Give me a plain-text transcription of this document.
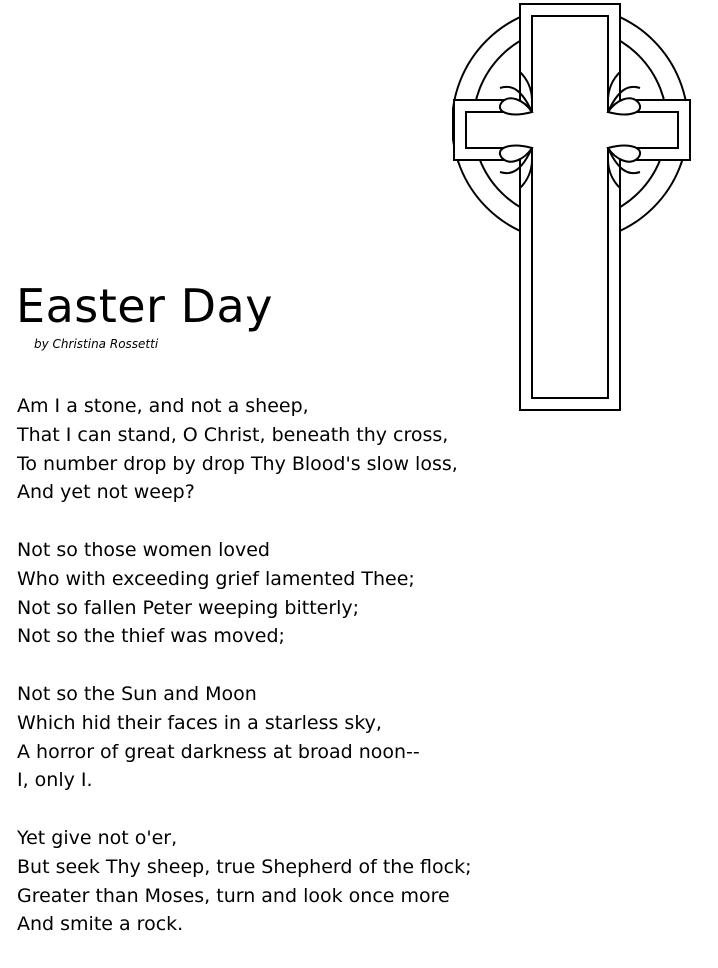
Easter Day

by Christina Rossetti

Am I a stone, and not a sheep,
That I can stand, O Christ, beneath thy cross,
To number drop by drop Thy Blood's slow loss,
And yet not weep?
Not so those women loved
Who with exceeding grief lamented Thee;
Not so fallen Peter weeping bitterly;
Not so the thief was moved;
Not so the Sun and Moon
Which hid their faces in a starless sky,
A horror of great darkness at broad noon--
I, only I.
Yet give not o'er,
But seek Thy sheep, true Shepherd of the flock;
Greater than Moses, turn and look once more
And smite a rock.
